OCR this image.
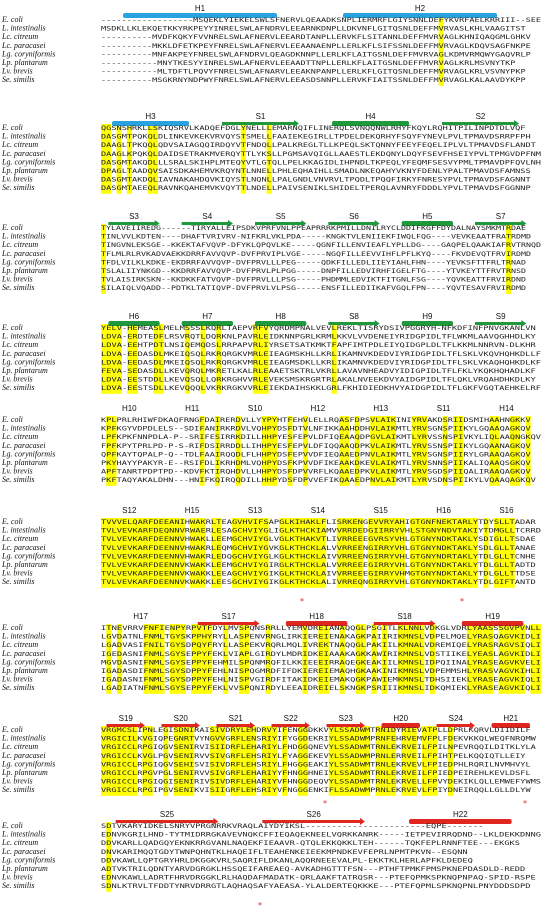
H1	H2
E. coli	------------------MSQEKLYIEKELSWLSFNERVLQEAADKSNPLIERMRFLGIYSNNLDEFYKVRFAELKRRIII--SEE
L. intestinalis	MSDKLLKLEKQETKKYRKPEYYINRELSWLAFNDRVLEEARNKDNPLLDKVNFLGITQSNLDEFFMVRVASLKHLVAAGITST
Lc. citreum	----------MVDFKQKYFVVNRELSWLAFNERVLEEARDTANPLLERVKFLSITANNLDEFFMVRVAGLKHNIQAQGMLGHKV
Lc. paracasei	----------MKKLDFETKPEYFNRELSWLAFNERVLEEAANAENPLLERLKFLSIFSSNLDEFFMVRVAGLKDQVSAGFNKPE
Lg. coryniformis	----------MNFAKPEYFNRELSWLAFNDRVLQEAGDKNNPLLERLKFLAITGSNLDEFFMVRVAGLKDMVRMQWYGAQVRLP
Lp. plantarum	-----------MNYTKESYYINRELSWLAFNERVLEEAADTTNPLLERLKFLAITGSNLDEFFMVRVAGLKRLMSVNYTKP
Lv. brevis	-----------MLTDFTLPQVYFNRELSWLAFNARVLEEAKNPANPLLERLKFLGITQSNLDEFFMVRVAGLKRLVSVNYPKP
Se. similis	----------MSGKRNYNDPWYFNRELSWLAFNERVLEEASDSNNPLLERVKFIAITSSNLDEFFMVRVAGLKALAAVDYKPP
H3	S1	H4	S2
E. coli	QGSNSHRKLLSKIQSRVLKADQEFDGLYNELLLEMARNQIFLINERQLSVNQQNWLRHYFKQYLRQHITPILINPDTDLVQF
L. intestinalis	DASGMTPQKQLDLINKEVKEKVRVQYSTSMELLFAAIEKEGIRLLTPDELDEKQRHYFSQYFYNEVLPVLTPMAVDSRRPFPH
Lc. citreum	DAAGLTPKQQLQDVSAIAGQQIRDQYVTFNDQLLPALKREGLTLLKPEQLSKTQNNYFEEYFEQELIPLVLTPMAVDSFLANDT
Lc. paracasei	DAAGLKPQKQLDAIDSETRAKMVERQYTTLYKSLLPGMSAVQIGLLAAESTLEKDQNYLDQYFSEVFHSEIYPVLTPMGVDPFNM
Lg. coryniformis	DASGMTAKQDLLLSRALSKIHPLMTEQYVTLGTQLLPELKKAGIDLIHPNDLTKPEQLYFEQMFSESVYPMLTPMAVDPFQVLNH
Lp. plantarum	DPAGLTAADQVSAISDKAHEMVKRQYNTLNNELLPHLEQHAIHLLSMADLNKEQAHYVKNYFDENLYPALTPMAVDSFAMNSS
Lv. brevis	DASGMTAKDQLIAVNAKAHDQVKIQYSTLNQNLLPALGNDLVNVRVLTPQDLTPQQFIRKYFNRESYPVLTPMAVDSFAGNNT
Se. similis	DASGMTAEEQLRAVNKQAHEMVKVQYTTLNDELLPAIVSENIKLSHIDELTPERQLAVNRYFDDDLYPVLTPMAVDSFGGNNP
S3	S4	S5	S6	H5	S7
E. coli	TYLAVEIIREDG------TIRYALLEIPSDKVPRFVNLPPEAPRRRKPMILLDNILRYCLDDIFKGFFDYDALNAYSMKMTRDAE
L. intestinalis	TINLVVLKDTEN----DHAFTVRIVRV-NIFKRLVKLPDA-----KNGKTVLENIIEKFIWQLFQG----VEVKEAATFRATRDMD
Lc. citreum	TINGVNLEKSGE--KKEKTAFVQVP-DFYKLQPQVLKE-----QGNFILLENVIEAFLYPLLDG----GAQPELQAAKIAFRVTRNQD
Lc. paracasei	TFLMLRLRVKADVAEKKDRRFAVVQVP-DVFPRVIPLVGE-----NGQFILLEEVVIHFLPFLKYQ----FKVDEVQTFRVIRDMD
Lg. coryniformis	TFDLVILKLKDKE-EKDRRFAVVQVP-DVFPRVLLLPEG-----QDKFILLEDLIIEYIAHLFHN----YEVKSFTTFRLTRNAD
Lp. plantarum	TSLALIIYNKGD--KKDRRFAVVQVP-DVFPRVLPLPGG-----DNPFILLEDVIRHFIGELFTG----YTVKEYTTFRVTRNSD
Lv. brevis	TVLAISIRKSKN--KKDKKFATVQVP-DVFPRVLLLPSG-----PHDMMLEDVIKTFITGNLFSG----YQVKEATTFRVIRDND
Se. similis	SILAIQLVQADD--PDTKLTATIQVP-DVFPRVLVLPSG-----ENSFILLEDIIKAFVGQLFPN----YQVTESAVFRVIRDMD
H6	H7	H8	S8	H9	S9
E. coli	YELV-HEMEASLMELMSSSLKQRLTAEPVRFVYQRDMPNALVEVLREKLTISRYDSIVPGGRYH-NFKDFINFPNVGKANLVN
L. intestinalis	LDVA-ERDTEDFLRSVRQTLDQRKNLPAVRLEIDKNNPGRLKRMLKKVLVVDENEIYRIDGPIDLTFLWKMLAAVQGHHDLKY
Lc. citreum	LDVA-EEHTPDTLNSIQEMQDSLRRPAPVRLIYRSETSATKMKTFAPFIMTPDLEIYQIDGPLDLTFLKKMLNNRVN-DLKHR
Lc. paracasei	LDVA-EEDASDLMKEIQSQLRKRQRGKVMRLEIEAGMSKHLLKRLIKAMNVKDEDVIYRIDGPIDLTFLSKLVKQVHQHKDLLF
Lg. coryniformis	LDVA-EEDASDLMKEIQSQLRKRQRGKVMRLEIEAGMSDKLLKRLIKAMNVKDEDVIYRIDGPIDLTFLSKLVKAQHQHKDLKF
Lp. plantarum	FEVA-SEDASDLLKEVQRQLMKRETLKALRLEAAETSKTRLVKRLLAVAVNHEADVYIDIGPIDLTFLFKLYKQKHQHADLKF
Lv. brevis	LDVA-EESTDDLLKEVQSQLLQRKRGHVVRLEVEKSMSKRGRTRLAKALNVEEKDVYAIDGPIDLTFLQKLVRQAHDHKDLKY
Se. similis	LDVA-EESTSDLLKEVQQQLVKRKRGKVVRLEIEKDAIHSKKLGRLFKHIDIEDKHVYAIDGPIDLTFLGKFVGQTAEHKELRF
H10	H11	S10	H12	H13	S11	H14
E. coli	KPLPRLRHIWFDKAQFRNGFDAIRERDVLLYYPYHTFEHVLELLRQASFDPSVLAIKINIYRVAKDSRIIDSMIHAAHNGKKV
L. intestinalis	KPFKGYVDPDLELS--SDIFANIRKRDVLVQHPYDSFDTVLNFIKKAAHDDHVLAIKMTLYRVSGNSPIIKYLGQAAQAGKQV
Lc. citreum	LPFKPKFNNPDLA-P--SRIFESIRRKDILLHHPYESFEPVLDFIQEAAQDPGVLAIKMTLYRVSSNSPIVKYLIQLAAQNGKQV
Lc. paracasei	FPFKPYTPRLPD-P-S-RIFDSIRRDDLLIHHPYESFEPVLDFIQQAAQDPKVLAIKMTLYRVSSNSPIIKYLGQAANAGKQV
Lg. coryniformis	QPFKAYTQPALP-Q--TDLFAAIRQQDLFLHHPYDSFEPVVDFIEQAAEDPNVLAIKMTLYRVSGNSPIIRYLGRAAQAGKQV
Lp. plantarum	PKYHAYYPAKYR-E--RSIFDLIKRHDMLVQHPYDSFKPVVDFIKEAAKDKEVLAIKMTLYRVSNNSPIIKALIQAAQSGKQV
Lv. brevis	APFTANRTPDPTPD--KDVFKTIRQHDVLLHHPYDSFDPVVRFLKQAAEDPKVLAIKMTLYRVSGDSPIIQALIRAAQAGKQV
Se. similis	PKFTAQYAKALDHN---HNIFKQIRQQDILLHHPYDSFDPVVEFIKQAAEDPNVLAIKMTLYRVSDNSPIIKYLVQAAQAGKQV
S12	H15	S13	S14	S15	H16	S16
E. coli	TVVVELQARFDEEANIHWAKRLTEAGVHVIFSAPGLKIHAKLFLISRKENGEVVRYAHIGTGNFNEKTARLYTDYSLLTADAR
L. intestinalis	TVLVEVKARFDEQNNVRWAERLESAGCHVIYGLIGLKTHCKIAMVVRRDEDGIIRRYVHLSTGNYNDVTAKIYTDMGLLTCRRD
Lc. citreum	TVLVEVKARFDEENNVHWAKLLEEMGCHVIYGLVGLKTHAKVTLIVRREEEGVRSYVHLGTGNYNDKTAKLYSDIGLLTSDAE
Lc. paracasei	TVLVEVKARFDEENNVHWAKRLEQMGCHVIYGVKGLKTHCKLALVVRREENGIRRYVHLGTGNYNDKTAKLYSDLGLLTANAE
Lg. coryniformis	TVLVEVKARFDEENNVHWAKRLEDQGCHVIYGLKGLKTHCKLAIVVRREENGIRRYVHLGTGNYNDRTAKLYTDLGLLTCNHE
Lp. plantarum	TVLVEVKARFDEENNVKWAKKLEEMGCHVIYGIRGLKTHCKLALVVRREEEGIRRYVHLGTGNYNDKTAKLYTDLGLLTADTD
Lv. brevis	TVLVEVKARFDEENNVKWAKKLEEAGCHVIYGIKGLKTHCKLAIVVRREEEGIRRYVHMGTGNYNDKTAKLYTDLGLLTTDSE
Se. similis	TVLVEVKARFDEENNVKWAKKLEESGCHVIYGIKGLKTHCKLALIVRREQNGIRRYVHLGTGNYNDKTAKLYTDLGIFTANTD
H17	S17	H18	S18	H19
E. coli	ITNEVRRVFNFIENPYRPVTFDYLMVSPQNSRRLLYEMVDREIANAQQGLPSGITLKLNNLVDKGLVDRLYAASSSGVPVNLL
L. intestinalis	LGVDATNLFNMLTGYSKPPHYRYLLASPENVRNGLIRKIEREIENAKAGKPAIIRIKMNSLVDPELMQELYRASQAGVKIDLI
Lc. citreum	LGADVASIFNILTGYSDPQYFRYLLASPEKVRQRLMQLIVREKTNAQQGLPAKIILKMNALVDREMIQELYRASRAGVSIQLI
Lc. paracasei	IGEDASNIFNMLSGYSEPPYFEKLVIAPLGIRDYLMDRIDKEIAAAKAGKKAWIRIKMNSLVDSTIIKELYEASLAGVKIDLI
Lg. coryniformis	MGVDASNIFNMLSGYSEPPYFEHMILSPQNMRQFILKKIEEEIRRAQEGKEAKIILKMNSLIDPQIINALYRASEAGVKVELI
Lp. plantarum	IGADASDIFNMLSGYSDPPYFEHLNISPQGMRDFIFDKIEREIEMAQHGKAAKINIKMNSLVDPEMMSHLYRASVAGVKIHLI
Lv. brevis	IGADASNIFNMLSGYSDPPYFEHLNISPVGIRDFITAKIDKEIEMAKQGKPAWIEMKMNSLTDHSIIEKLYRASEAGVKIQLI
Se. similis	LGADIATNFNMLSGYSEPPYFEKLVVSPQNIRDYLEEAIDREIELSKNGKPSRIIIKMNSLIDKQMIEKLYRASEAGVKIQLI
S19	S20	S21	S22	S23	H20	S24	H21
E. coli	VRGMCSLIPNLEGISDNIRAISIVDRYLEHDRVYIFENGGDKKVYLSSADWMTRNIDYRIEVATPLLDPRLKQRVLDIIDILF
L. intestinalis	VRGICILKVGIQPEGNRTVYNGVVGRFLENSRIYIFYGGDEKRIYLSSADWMPRNFEHRVEMVFPLFDEKVKKQLWEQFNRQMW
Lc. citreum	VRGICCLRPGIQGVSENIRVISIIDRFLEHARIYLFHDGGQNEVYLSSADWMTRNLEKRVEILFPILNPEVRQQILDITKLYLA
Lc. paracasei	VRGICCLKVGLPGVSENIRVVSIVGRFLEHSRIYLFYAGGEKEVYLSSADWMPRNLERRVEILFPIHTPELKQQIQTLLEIY
Lg. coryniformis	VRGICCLRPGIQGVSEHISVISIVDRFLEHSRIYLFHGGGEAKIYLSSADWMTRNLEKRVEVLFPIEDPHLRQRILNVMHVYL
Lp. plantarum	VRGICCLRPGVPGLSENIRVVSIVGRFLEHARIYYFHNGGHNEIYLSSADWMTRNLEKRVEILFPIEDPEIREHLKEVLDSFL
Lv. brevis	VRGICCLRPGIQGISENIRIVSIVDRFLEHARIYVFHNGGDEQVYLSSADWMTRNLEKRVELLFPVYDEKIKLQLLEMWEFYWMS
Se. similis	VRGICCLRPGIPGVSENIKVISIIGRFLEHSRIYVFNGGGENKIFLSSADWMPRNLEKRVEVLFPIYDNEIRQQLLGLLDLYW
S25	S26	H22
E. coli	SDTVKARYIDKELSNRYVPRGNRRKVRAQLAIYDYIKSL-----------------------EQPE-------
L. intestinalis	EDNVKGRILHND-TYTMIDRRGKAVEVNQKCFFIEQAQEKNEELVQRKKANRK-----IETPEVIRRQDND--LKLDEKKDNNG
Lc. citreum	DDVKARLLQADGQYEKNKRRGVANLNAQEKFIEAAVR-QTQLEKKQKKLTEH------TQKFEPLRNNFTEE---EKGKS
Lc. paracasei	DNVKARIMQQTGDYTWNPQHNTKLHAQEIFLTEAHENKEIEEKMPNDKEVFEPRLNPMTPKVN--ESQNN
Lg. coryniformis	DDVKAWLLQPTGRYHRLDKGGKVRLSAQRIFLDKANLAQQRNEEEVALPL-EKKTKLHERLAPFKLDEDEQ
Lp. plantarum	ADTVKTRILQDNTYARVDGRGKLHSSQEIFAREAEQ-AVKADHGTTTFSN---PTHFTPMKFPMSPKNEPDASDLD-REDD
Lv. brevis	EDNVKAWLLADRTFHRVDRGGKLRLHAQDAFMADATK-QRLAAKFTATRQSR---PTEFQPMKSPKNQPNPAQ-SPID-RSPE
Se. similis	SDNLKTRVLTFDDTYNRVDRRGTLAQHAQSAFYAEASA-YLALDERTEQKKKE---PTEFQPMLSPKNQPNLPNYDDDSDPD
*	*
*	*
*
